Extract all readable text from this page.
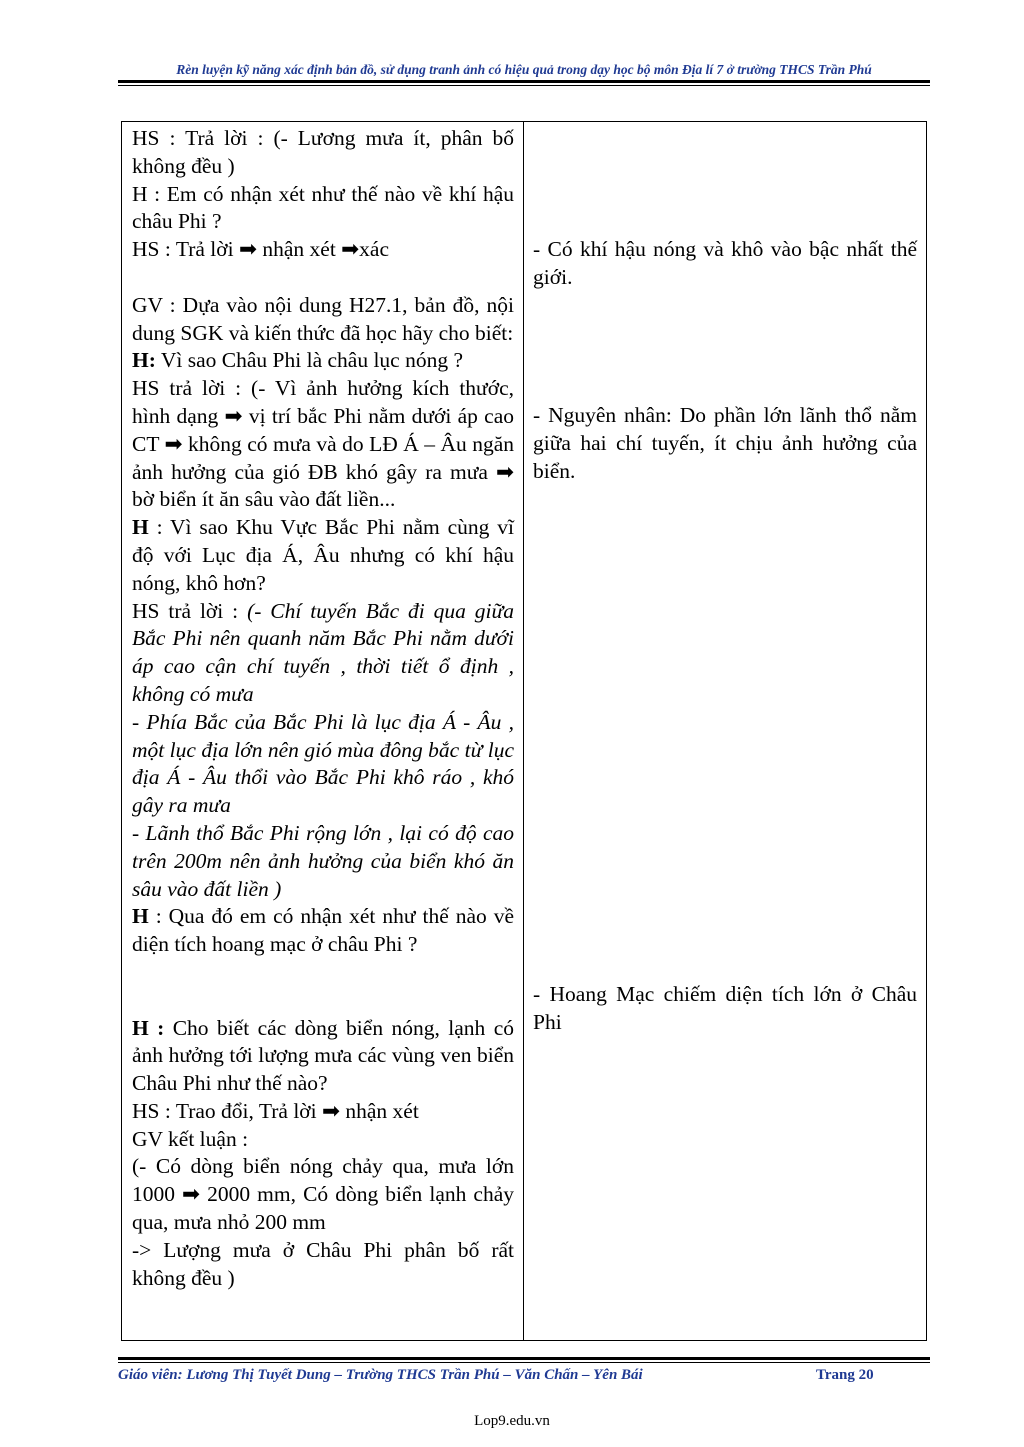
Rèn luyện kỹ năng xác định bản đồ, sử dụng tranh ảnh có hiệu quả trong dạy học bộ môn Địa lí 7 ở trường THCS Trần Phú

HS : Trả lời : (- Lương mưa ít, phân bố không đều )

H : Em có nhận xét như thế nào về khí hậu châu Phi ?

HS : Trả lời ➡ nhận xét ➡xác

GV : Dựa vào nội dung H27.1, bản đồ, nội dung SGK và kiến thức đã học hãy cho biết:

H: Vì sao Châu Phi là châu lục nóng ?

HS trả lời : (- Vì ảnh hưởng kích thước, hình dạng ➡ vị trí bắc Phi nằm dưới áp cao CT ➡ không có mưa và do LĐ Á – Âu ngăn ảnh hưởng của gió ĐB khó gây ra mưa ➡ bờ biển ít ăn sâu vào đất liền...

H : Vì sao Khu Vực Bắc Phi nằm cùng vĩ độ với Lục địa Á, Âu nhưng có khí hậu nóng, khô hơn?

HS trả lời : (- Chí tuyến Bắc đi qua giữa Bắc Phi nên quanh năm Bắc Phi nằm dưới áp cao cận chí tuyến , thời tiết ổ định , không có mưa

- Phía Bắc của Bắc Phi là lục địa Á - Âu , một lục địa lớn nên gió mùa đông bắc từ lục địa Á - Âu thổi vào Bắc Phi khô ráo , khó gây ra mưa

- Lãnh thổ Bắc Phi rộng lớn , lại có độ cao trên 200m nên ảnh hưởng của biển khó ăn sâu vào đất liền )

H : Qua đó em có nhận xét như thế nào về diện tích hoang mạc ở châu Phi ?

H : Cho biết các dòng biển nóng, lạnh có ảnh hưởng tới lượng mưa các vùng ven biển Châu Phi như thế nào?

HS : Trao đổi, Trả lời ➡ nhận xét

GV kết luận :

(- Có dòng biển nóng chảy qua, mưa lớn 1000 ➡ 2000 mm, Có dòng biển lạnh chảy qua, mưa nhỏ 200 mm

-> Lượng mưa ở Châu Phi phân bố rất không đều )

- Có khí hậu nóng và khô vào bậc nhất thế giới.

- Nguyên nhân: Do phần lớn lãnh thổ nằm giữa hai chí tuyến, ít chịu ảnh hưởng của biển.

- Hoang Mạc chiếm diện tích lớn ở Châu Phi

Giáo viên: Lương Thị Tuyết Dung – Trường THCS Trần Phú – Văn Chấn – Yên Bái	Trang 20
Lop9.edu.vn
